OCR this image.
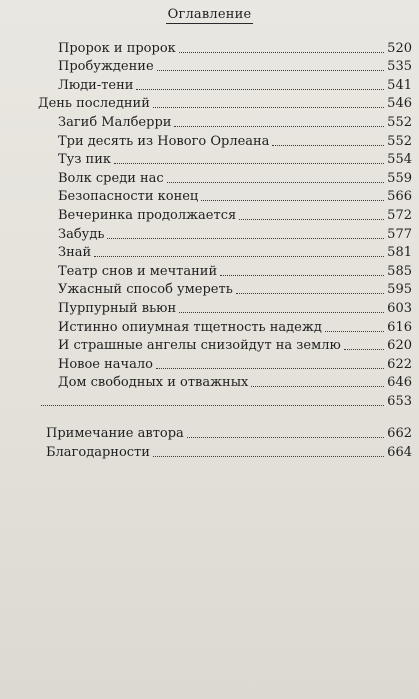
Оглавление
Пророк и пророк	520
Пробуждение	535
Люди-тени	541
День последний	546
Загиб Малберри	552
Три десять из Нового Орлеана	552
Туз пик	554
Волк среди нас	559
Безопасности конец	566
Вечеринка продолжается	572
Забудь	577
Знай	581
Театр снов и мечтаний	585
Ужасный способ умереть	595
Пурпурный вьюн	603
Истинно опиумная тщетность надежд	616
И страшные ангелы снизойдут на землю	620
Новое начало	622
Дом свободных и отважных	646
653
Примечание автора	662
Благодарности	664
